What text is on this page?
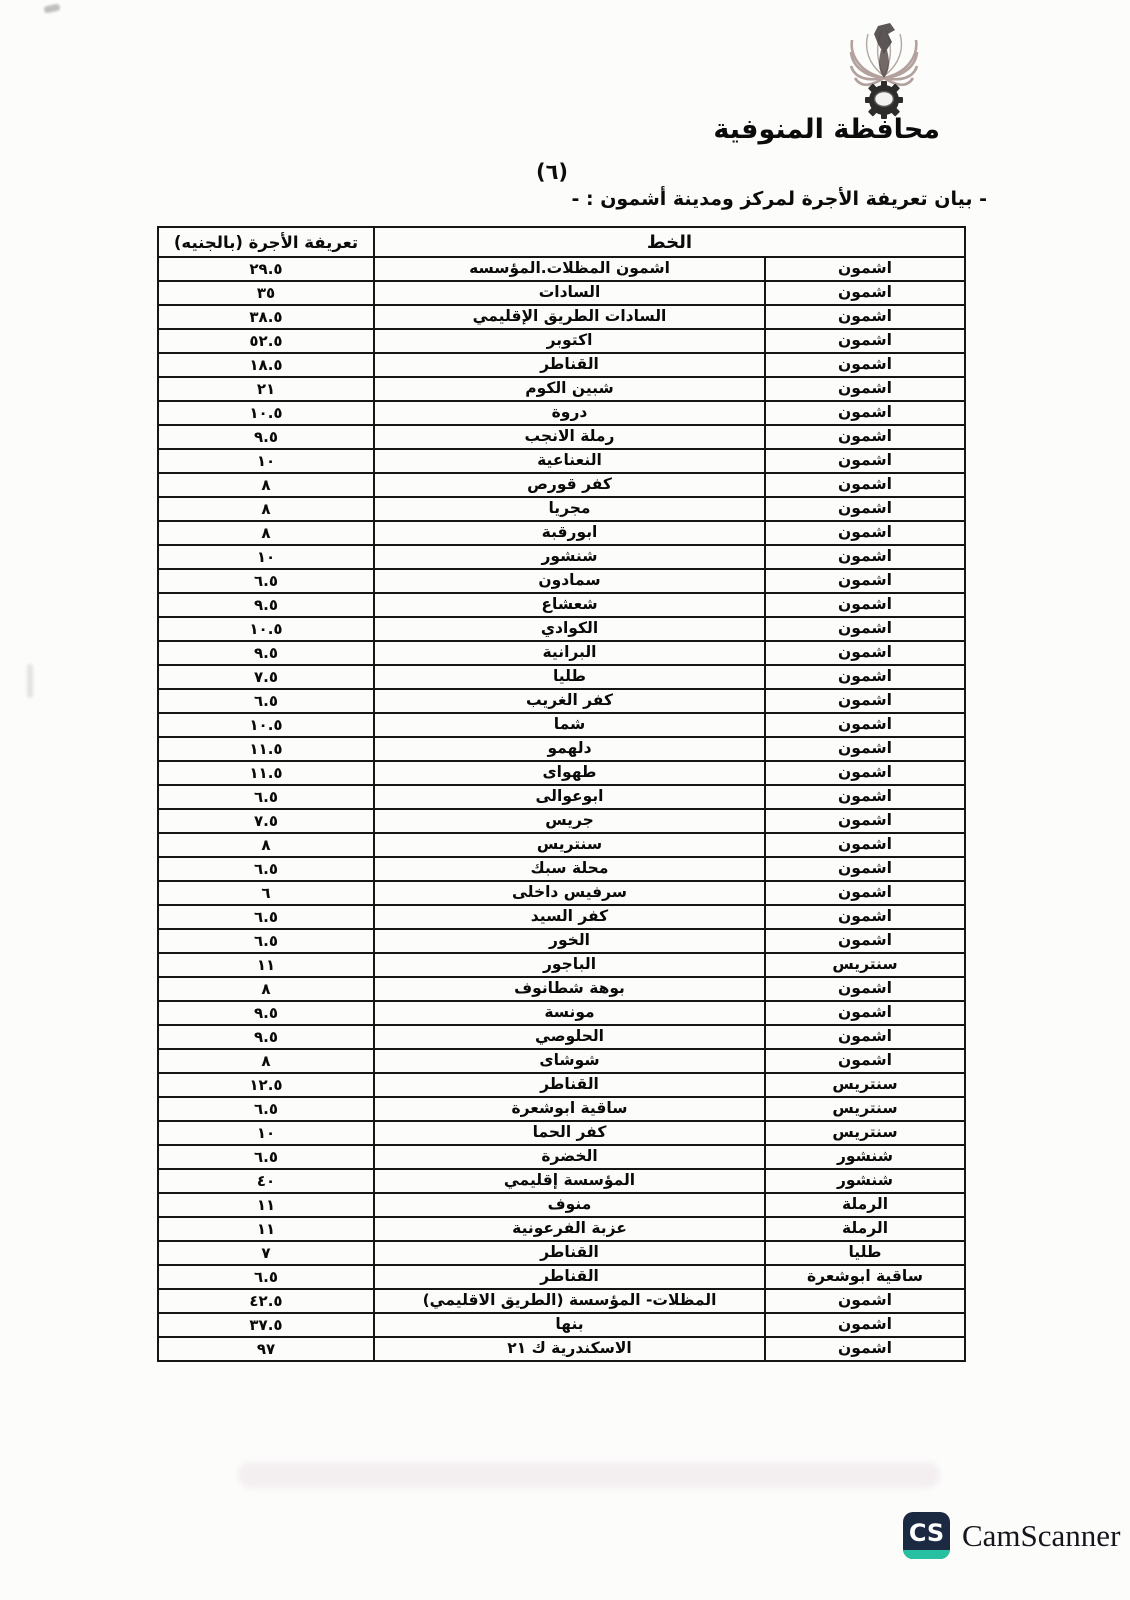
محافظة المنوفية
(٦)
- بيان تعريفة الأجرة لمركز ومدينة أشمون : -
الخط		تعريفة الأجرة (بالجنيه)
اشمون	اشمون المظلات.المؤسسه	٢٩.٥
اشمون	السادات	٣٥
اشمون	السادات الطريق الإقليمي	٣٨.٥
اشمون	اكتوبر	٥٢.٥
اشمون	القناطر	١٨.٥
اشمون	شبين الكوم	٢١
اشمون	دروة	١٠.٥
اشمون	رملة الانجب	٩.٥
اشمون	النعناعية	١٠
اشمون	كفر قورص	٨
اشمون	مجريا	٨
اشمون	ابورقبة	٨
اشمون	شنشور	١٠
اشمون	سمادون	٦.٥
اشمون	شعشاع	٩.٥
اشمون	الكوادي	١٠.٥
اشمون	البرانية	٩.٥
اشمون	طليا	٧.٥
اشمون	كفر الغريب	٦.٥
اشمون	شما	١٠.٥
اشمون	دلهمو	١١.٥
اشمون	طهواى	١١.٥
اشمون	ابوعوالى	٦.٥
اشمون	جريس	٧.٥
اشمون	سنتريس	٨
اشمون	محلة سبك	٦.٥
اشمون	سرفيس داخلى	٦
اشمون	كفر السيد	٦.٥
اشمون	الخور	٦.٥
سنتريس	الباجور	١١
اشمون	بوهة شطانوف	٨
اشمون	مونسة	٩.٥
اشمون	الحلوصي	٩.٥
اشمون	شوشاى	٨
سنتريس	القناطر	١٢.٥
سنتريس	ساقية ابوشعرة	٦.٥
سنتريس	كفر الحما	١٠
شنشور	الخضرة	٦.٥
شنشور	المؤسسة إقليمي	٤٠
الرملة	منوف	١١
الرملة	عزبة الفرعونية	١١
طليا	القناطر	٧
ساقية ابوشعرة	القناطر	٦.٥
اشمون	المظلات- المؤسسة (الطريق الاقليمي)	٤٢.٥
اشمون	بنها	٣٧.٥
اشمون	الاسكندرية ك ٢١	٩٧
CS CamScanner
